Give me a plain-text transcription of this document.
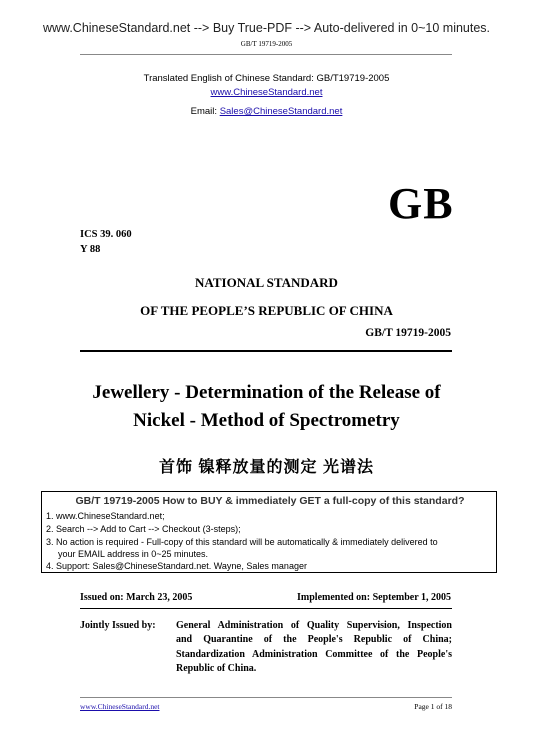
www.ChineseStandard.net --> Buy True-PDF --> Auto-delivered in 0~10 minutes.
GB/T 19719-2005
Translated English of Chinese Standard: GB/T19719-2005
www.ChineseStandard.net
Email: Sales@ChineseStandard.net
GB
ICS 39. 060
Y 88
NATIONAL STANDARD
OF THE PEOPLE’S REPUBLIC OF CHINA
GB/T 19719-2005
Jewellery - Determination of the Release of
Nickel - Method of Spectrometry
首饰 镍释放量的测定 光谱法
GB/T 19719-2005 How to BUY & immediately GET a full-copy of this standard?
1. www.ChineseStandard.net;
2. Search --> Add to Cart --> Checkout (3-steps);
3. No action is required - Full-copy of this standard will be automatically & immediately delivered to
your EMAIL address in 0~25 minutes.
4. Support: Sales@ChineseStandard.net. Wayne, Sales manager
Issued on: March 23, 2005	Implemented on: September 1, 2005
Jointly Issued by: General Administration of Quality Supervision, Inspection
and Quarantine of the People's Republic of China;
Standardization Administration Committee of the People's
Republic of China.
www.ChineseStandard.net	Page 1 of 18
